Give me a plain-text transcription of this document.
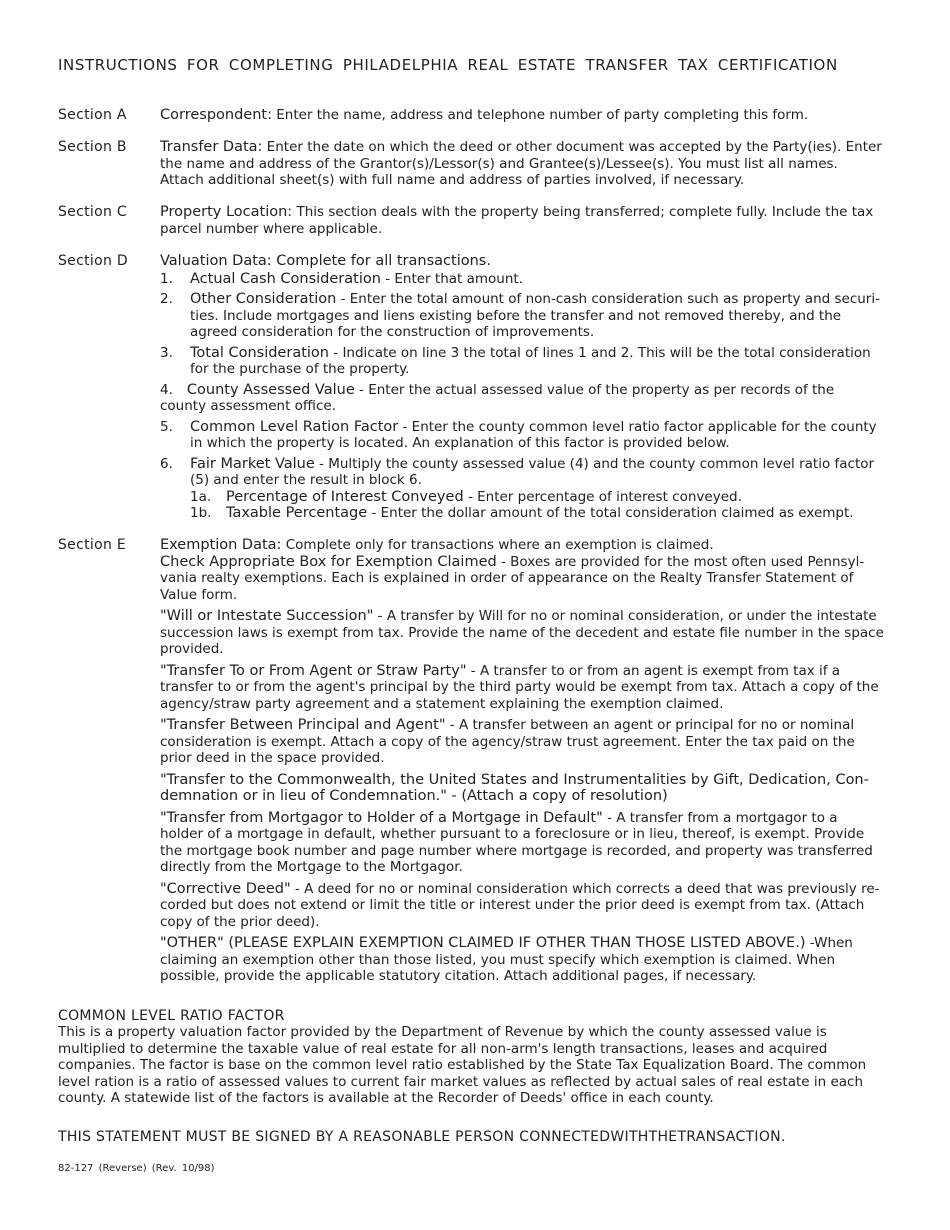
INSTRUCTIONS FOR COMPLETING PHILADELPHIA REAL ESTATE TRANSFER TAX CERTIFICATION
Section A Correspondent: Enter the name, address and telephone number of party completing this form.
Section B Transfer Data: Enter the date on which the deed or other document was accepted by the Party(ies). Enter the name and address of the Grantor(s)/Lessor(s) and Grantee(s)/Lessee(s). You must list all names. Attach additional sheet(s) with full name and address of parties involved, if necessary.
Section C Property Location: This section deals with the property being transferred; complete fully. Include the tax parcel number where applicable.
Section D Valuation Data: Complete for all transactions.
1. Actual Cash Consideration - Enter that amount.
2. Other Consideration - Enter the total amount of non-cash consideration such as property and securities. Include mortgages and liens existing before the transfer and not removed thereby, and the agreed consideration for the construction of improvements.
3. Total Consideration - Indicate on line 3 the total of lines 1 and 2. This will be the total consideration for the purchase of the property.
4. County Assessed Value - Enter the actual assessed value of the property as per records of the county assessment office.
5. Common Level Ration Factor - Enter the county common level ratio factor applicable for the county in which the property is located. An explanation of this factor is provided below.
6. Fair Market Value - Multiply the county assessed value (4) and the county common level ratio factor (5) and enter the result in block 6.
1a. Percentage of Interest Conveyed - Enter percentage of interest conveyed.
1b. Taxable Percentage - Enter the dollar amount of the total consideration claimed as exempt.
Section E Exemption Data: Complete only for transactions where an exemption is claimed.
Check Appropriate Box for Exemption Claimed - Boxes are provided for the most often used Pennsylvania realty exemptions. Each is explained in order of appearance on the Realty Transfer Statement of Value form.
"Will or Intestate Succession" - A transfer by Will for no or nominal consideration, or under the intestate succession laws is exempt from tax. Provide the name of the decedent and estate file number in the space provided.
"Transfer To or From Agent or Straw Party" - A transfer to or from an agent is exempt from tax if a transfer to or from the agent's principal by the third party would be exempt from tax. Attach a copy of the agency/straw party agreement and a statement explaining the exemption claimed.
"Transfer Between Principal and Agent" - A transfer between an agent or principal for no or nominal consideration is exempt. Attach a copy of the agency/straw trust agreement. Enter the tax paid on the prior deed in the space provided.
"Transfer to the Commonwealth, the United States and Instrumentalities by Gift, Dedication, Condemnation or in lieu of Condemnation." - (Attach a copy of resolution)
"Transfer from Mortgagor to Holder of a Mortgage in Default" - A transfer from a mortgagor to a holder of a mortgage in default, whether pursuant to a foreclosure or in lieu, thereof, is exempt. Provide the mortgage book number and page number where mortgage is recorded, and property was transferred directly from the Mortgage to the Mortgagor.
"Corrective Deed" - A deed for no or nominal consideration which corrects a deed that was previously recorded but does not extend or limit the title or interest under the prior deed is exempt from tax. (Attach copy of the prior deed).
"OTHER" (PLEASE EXPLAIN EXEMPTION CLAIMED IF OTHER THAN THOSE LISTED ABOVE.) -When claiming an exemption other than those listed, you must specify which exemption is claimed. When possible, provide the applicable statutory citation. Attach additional pages, if necessary.
COMMON LEVEL RATIO FACTOR
This is a property valuation factor provided by the Department of Revenue by which the county assessed value is multiplied to determine the taxable value of real estate for all non-arm's length transactions, leases and acquired companies. The factor is base on the common level ratio established by the State Tax Equalization Board. The common level ration is a ratio of assessed values to current fair market values as reflected by actual sales of real estate in each county. A statewide list of the factors is available at the Recorder of Deeds' office in each county.
THIS STATEMENT MUST BE SIGNED BY A REASONABLE PERSON CONNECTEDWITHTHETRANSACTION.
82-127 (Reverse) (Rev. 10/98)
